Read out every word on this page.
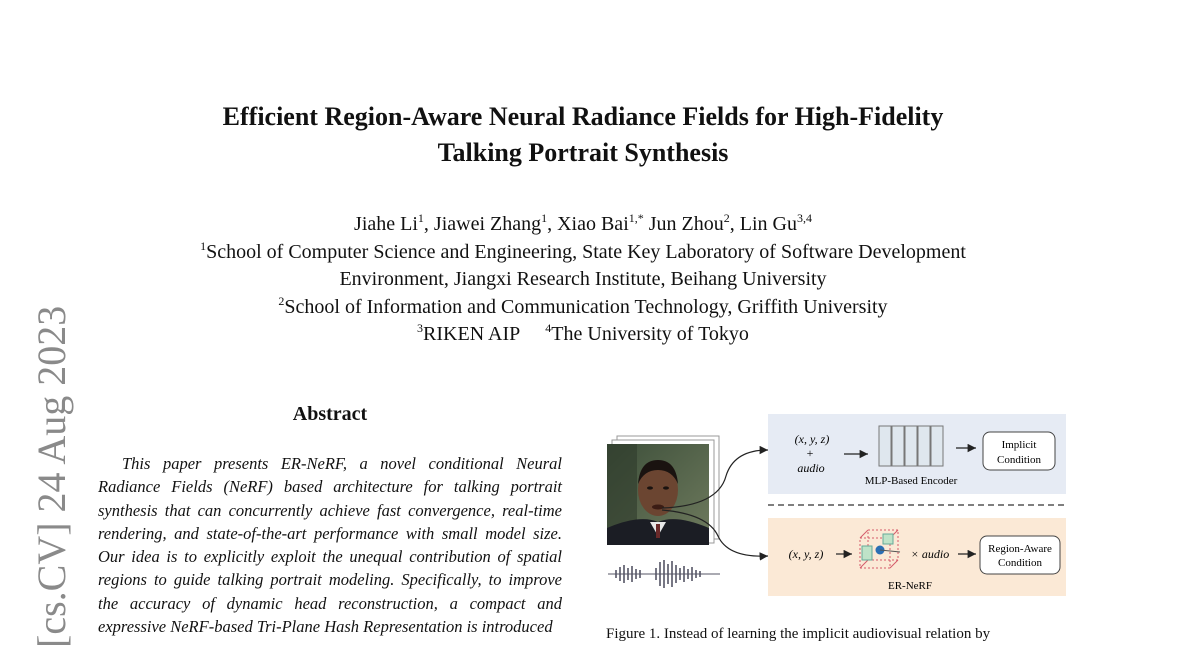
[cs.CV] 24 Aug 2023
Efficient Region-Aware Neural Radiance Fields for High-Fidelity
Talking Portrait Synthesis
Jiahe Li$^1$, Jiawei Zhang$^1$, Xiao Bai$^{1,*}$ Jun Zhou$^2$, Lin Gu$^{3,4}$
$^1$School of Computer Science and Engineering, State Key Laboratory of Software Development
Environment, Jiangxi Research Institute, Beihang University
$^2$School of Information and Communication Technology, Griffith University
$^3$RIKEN AIP $^4$The University of Tokyo
Abstract

This paper presents ER-NeRF, a novel conditional Neural Radiance Fields (NeRF) based architecture for talking portrait synthesis that can concurrently achieve fast convergence, real-time rendering, and state-of-the-art performance with small model size. Our idea is to explicitly exploit the unequal contribution of spatial regions to guide talking portrait modeling. Specifically, to improve the accuracy of dynamic head reconstruction, a compact and expressive NeRF-based Tri-Plane Hash Representation is introduced

(x, y, z)
+
audio
MLP-Based Encoder
Implicit
Condition
(x, y, z)	× audio	Region-Aware
Condition
ER-NeRF
Figure 1. Instead of learning the implicit audiovisual relation by
